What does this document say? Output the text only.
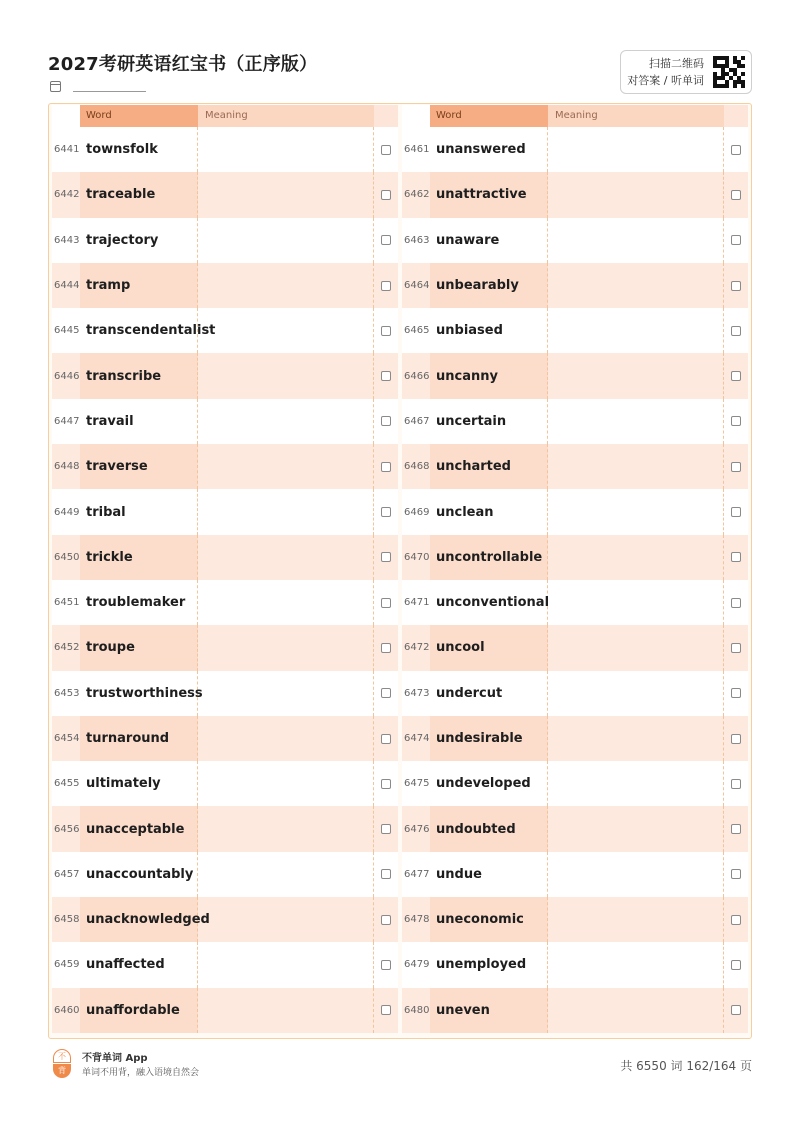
2027考研英语红宝书（正序版）	扫描二维码
对答案 / 听单词
Word	Meaning
6441 townsfolk
6442 traceable
6443 trajectory
6444 tramp
6445 transcendentalist
6446 transcribe
6447 travail
6448 traverse
6449 tribal
6450 trickle
6451 troublemaker
6452 troupe
6453 trustworthiness
6454 turnaround
6455 ultimately
6456 unacceptable
6457 unaccountably
6458 unacknowledged
6459 unaffected
6460 unaffordable
Word	Meaning
6461 unanswered
6462 unattractive
6463 unaware
6464 unbearably
6465 unbiased
6466 uncanny
6467 uncertain
6468 uncharted
6469 unclean
6470 uncontrollable
6471 unconventional
6472 uncool
6473 undercut
6474 undesirable
6475 undeveloped
6476 undoubted
6477 undue
6478 uneconomic
6479 unemployed
6480 uneven
不
背
不背单词 App
单词不用背，融入语境自然会	共 6550 词 162/164 页
